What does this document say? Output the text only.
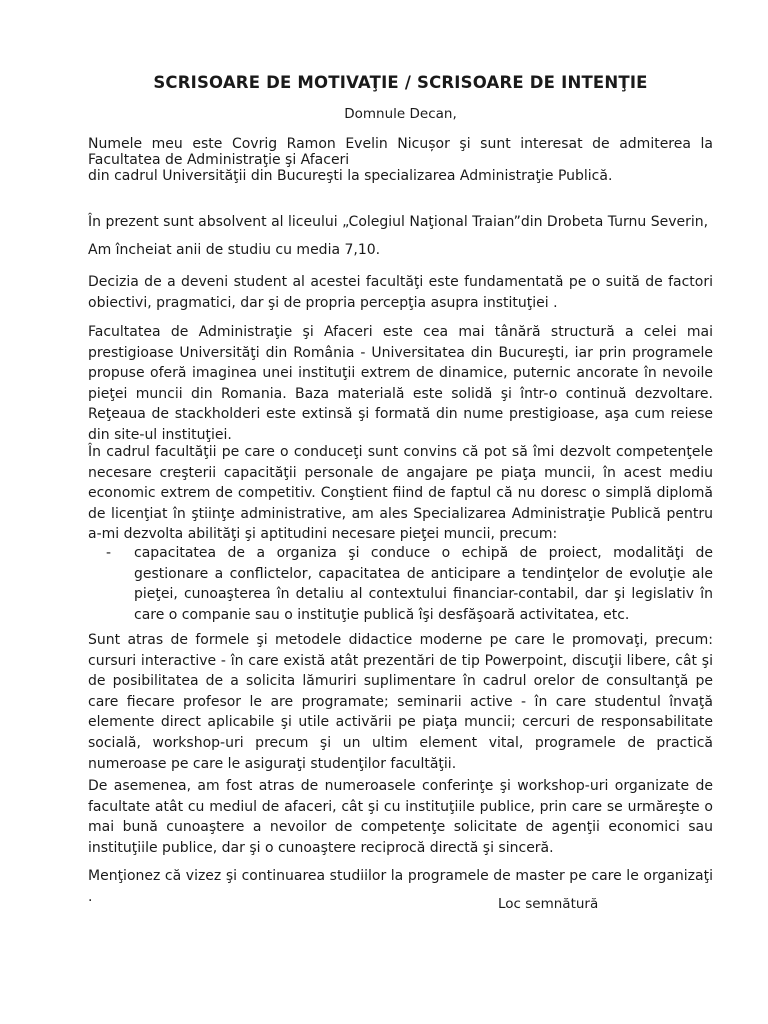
SCRISOARE DE MOTIVAŢIE / SCRISOARE DE INTENŢIE

Domnule Decan,

Numele meu este Covrig Ramon Evelin Nicușor şi sunt interesat de admiterea la
Facultatea de Administraţie şi Afaceri
din cadrul Universităţii din Bucureşti la specializarea Administraţie Publică.

În prezent sunt absolvent al liceului „Colegiul Naţional Traian”din Drobeta Turnu Severin,

Am încheiat anii de studiu cu media 7,10.

Decizia de a deveni student al acestei facultăţi este fundamentată pe o suită de factori obiectivi, pragmatici, dar şi de propria percepţia asupra instituţiei .

Facultatea de Administraţie şi Afaceri este cea mai tânără structură a celei mai prestigioase Universităţi din România - Universitatea din Bucureşti, iar prin programele propuse oferă imaginea unei instituţii extrem de dinamice, puternic ancorate în nevoile pieţei muncii din Romania. Baza materială este solidă şi într-o continuă dezvoltare. Reţeaua de stackholderi este extinsă şi formată din nume prestigioase, aşa cum reiese din site-ul instituţiei.

În cadrul facultăţii pe care o conduceţi sunt convins că pot să îmi dezvolt competenţele necesare creşterii capacităţii personale de angajare pe piaţa muncii, în acest mediu economic extrem de competitiv. Conştient fiind de faptul că nu doresc o simplă diplomă de licenţiat în ştiinţe administrative, am ales Specializarea Administraţie Publică pentru a-mi dezvolta abilităţi şi aptitudini necesare pieţei muncii, precum:

-	capacitatea de a organiza şi conduce o echipă de proiect, modalităţi de gestionare a conflictelor, capacitatea de anticipare a tendinţelor de evoluţie ale pieţei, cunoaşterea în detaliu al contextului financiar-contabil, dar şi legislativ în care o companie sau o instituţie publică îşi desfăşoară activitatea, etc.

Sunt atras de formele şi metodele didactice moderne pe care le promovaţi, precum: cursuri interactive - în care există atât prezentări de tip Powerpoint, discuţii libere, cât şi de posibilitatea de a solicita lămuriri suplimentare în cadrul orelor de consultanţă pe care fiecare profesor le are programate; seminarii active - în care studentul învaţă elemente direct aplicabile şi utile activării pe piaţa muncii; cercuri de responsabilitate socială, workshop-uri precum şi un ultim element vital, programele de practică numeroase pe care le asiguraţi studenţilor facultăţii.

De asemenea, am fost atras de numeroasele conferinţe şi workshop-uri organizate de facultate atât cu mediul de afaceri, cât şi cu instituţiile publice, prin care se urmăreşte o mai bună cunoaştere a nevoilor de competenţe solicitate de agenţii economici sau instituţiile publice, dar şi o cunoaştere reciprocă directă şi sinceră.

Menţionez că vizez şi continuarea studiilor la programele de master pe care le organizaţi .	Loc semnătură
